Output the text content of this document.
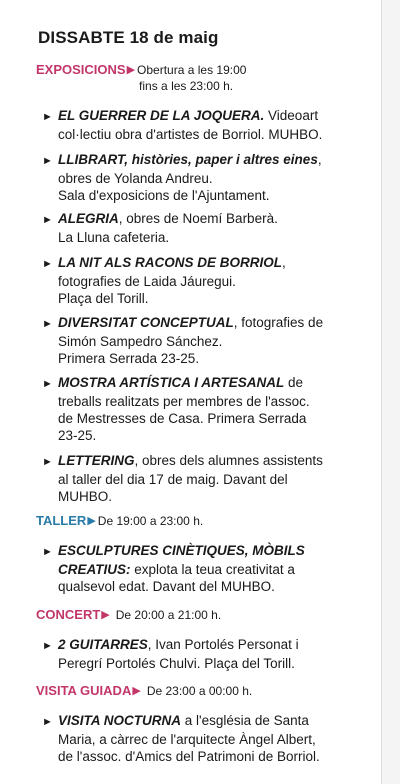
DISSABTE 18 de maig
EXPOSICIONS ▶ Obertura a les 19:00
fins a les 23:00 h.
► EL GUERRER DE LA JOQUERA. Videoart
col·lectiu obra d'artistes de Borriol. MUHBO.
► LLIBRART, històries, paper i altres eines,
obres de Yolanda Andreu.
Sala d'exposicions de l'Ajuntament.
► ALEGRIA, obres de Noemí Barberà.
La Lluna cafeteria.
► LA NIT ALS RACONS DE BORRIOL,
fotografies de Laida Jáuregui.
Plaça del Torill.
► DIVERSITAT CONCEPTUAL, fotografies de
Simón Sampedro Sánchez.
Primera Serrada 23-25.
► MOSTRA ARTÍSTICA I ARTESANAL de
treballs realitzats per membres de l'assoc.
de Mestresses de Casa. Primera Serrada
23-25.
► LETTERING, obres dels alumnes assistents
al taller del dia 17 de maig. Davant del
MUHBO.
TALLER ▶ De 19:00 a 23:00 h.
► ESCULPTURES CINÈTIQUES, MÒBILS
CREATIUS: explota la teua creativitat a
qualsevol edat. Davant del MUHBO.
CONCERT ▶ De 20:00 a 21:00 h.
► 2 GUITARRES, Ivan Portolés Personat i
Peregrí Portolés Chulvi. Plaça del Torill.
VISITA GUIADA ▶ De 23:00 a 00:00 h.
► VISITA NOCTURNA a l'església de Santa
Maria, a càrrec de l'arquitecte Àngel Albert,
de l'assoc. d'Amics del Patrimoni de Borriol.
